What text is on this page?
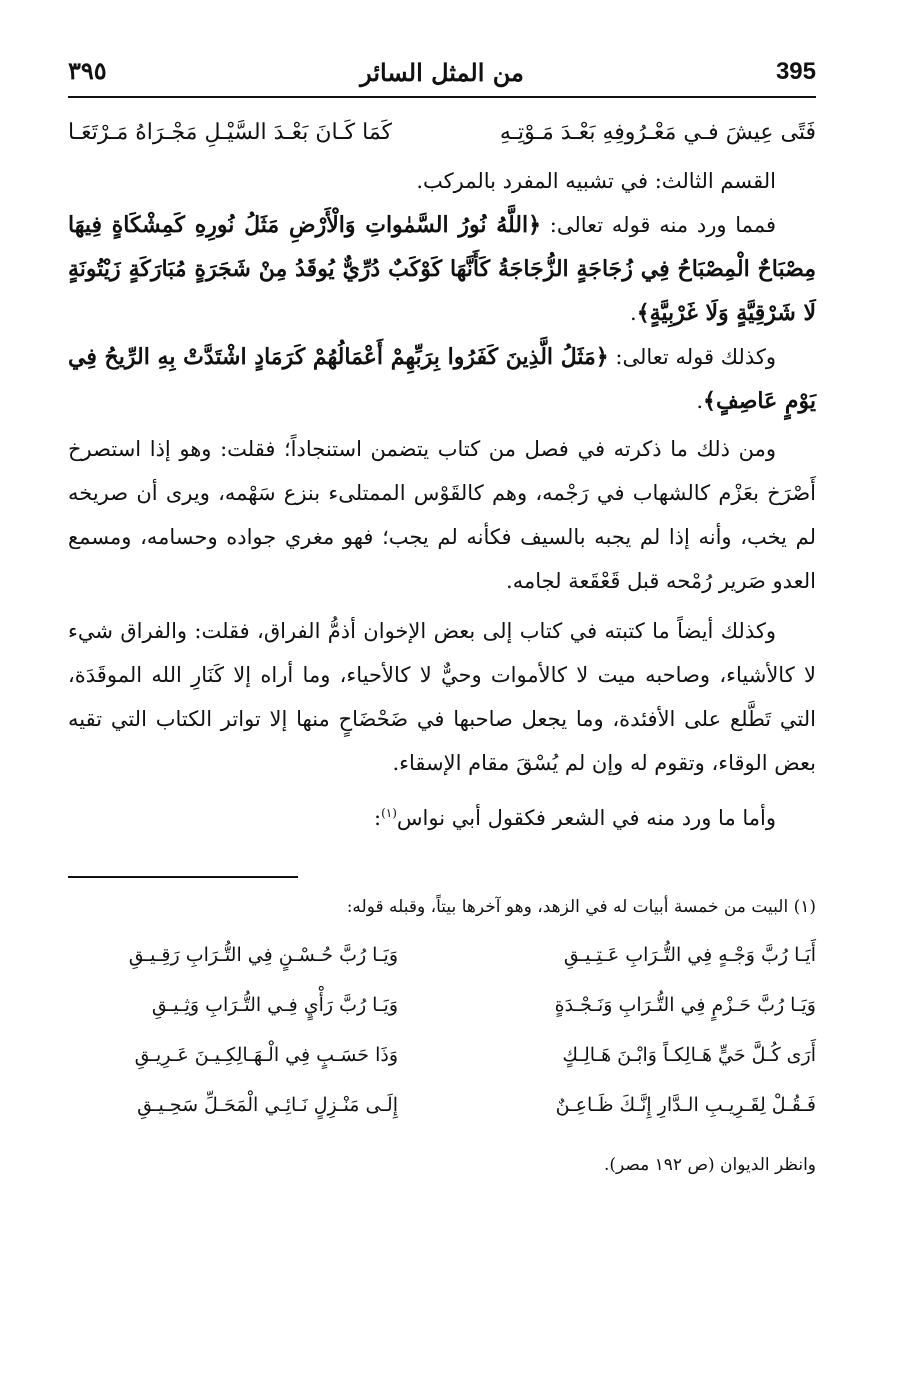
395
من المثل السائر
٣٩٥
فَتًى عِيشَ فـي مَعْـرُوفِهِ بَعْـدَ مَـوْتِـهِ
كَمَا كَـانَ بَعْـدَ السَّيْـلِ مَجْـرَاهُ مَـرْتَعَـا

القسم الثالث: في تشبيه المفرد بالمركب.

فمما ورد منه قوله تعالى: ﴿اللَّهُ نُورُ السَّمٰواتِ وَالْأَرْضِ مَثَلُ نُورِهِ كَمِشْكَاةٍ فِيهَا مِصْبَاحٌ الْمِصْبَاحُ فِي زُجَاجَةٍ الزُّجَاجَةُ كَأَنَّهَا كَوْكَبٌ دُرِّيٌّ يُوقَدُ مِنْ شَجَرَةٍ مُبَارَكَةٍ زَيْتُونَةٍ لَا شَرْقِيَّةٍ وَلَا غَرْبِيَّةٍ﴾.

وكذلك قوله تعالى: ﴿مَثَلُ الَّذِينَ كَفَرُوا بِرَبِّهِمْ أَعْمَالُهُمْ كَرَمَادٍ اشْتَدَّتْ بِهِ الرِّيحُ فِي يَوْمٍ عَاصِفٍ﴾.

ومن ذلك ما ذكرته في فصل من كتاب يتضمن استنجاداً؛ فقلت: وهو إذا استصرخ أَصْرَخ بعَزْم كالشهاب في رَجْمه، وهم كالقَوْس الممتلىء بنزع سَهْمه، ويرى أن صريخه لم يخب، وأنه إذا لم يجبه بالسيف فكأنه لم يجب؛ فهو مغري جواده وحسامه، ومسمع العدو صَرير رُمْحه قبل قَعْقَعة لجامه.

وكذلك أيضاً ما كتبته في كتاب إلى بعض الإخوان أذمُّ الفراق، فقلت: والفراق شيء لا كالأشياء، وصاحبه ميت لا كالأموات وحيٌّ لا كالأحياء، وما أراه إلا كَنَارِ الله الموقَدَة، التي تَطَّلع على الأفئدة، وما يجعل صاحبها في ضَحْضَاحٍ منها إلا تواتر الكتاب التي تقيه بعض الوقاء، وتقوم له وإن لم يُسْقَ مقام الإسقاء.

وأما ما ورد منه في الشعر فكقول أبي نواس$^{(١)}$:

(١) البيت من خمسة أبيات له في الزهد، وهو آخرها بيتاً، وقبله قوله:
أَيَـا رُبَّ وَجْـهٍ فِي التُّـرَابِ عَـتِـيـقِ
وَيَـا رُبَّ حُـسْـنٍ فِي التُّـرَابِ رَقِـيـقِ
وَيَـا رُبَّ حَـزْمٍ فِي التُّـرَابِ وَنَـجْـدَةٍ
وَيَـا رُبَّ رَأْيٍ فِـي التُّـرَابِ وَثِـيـقِ
أَرَى كُـلَّ حَيٍّ هَـالِكـاً وَابْـنَ هَـالِـكٍ
وَذَا حَسَـبٍ فِي الْـهَـالِكِـيـنَ عَـرِيـقِ
فَـقُـلْ لِقَـرِيـبِ الـدَّارِ إِنَّـكَ ظَـاعِـنٌ
إِلَـى مَنْـزِلٍ نَـائِـي الْمَحَـلِّ سَحِـيـقِ
وانظر الديوان (ص ١٩٢ مصر).
